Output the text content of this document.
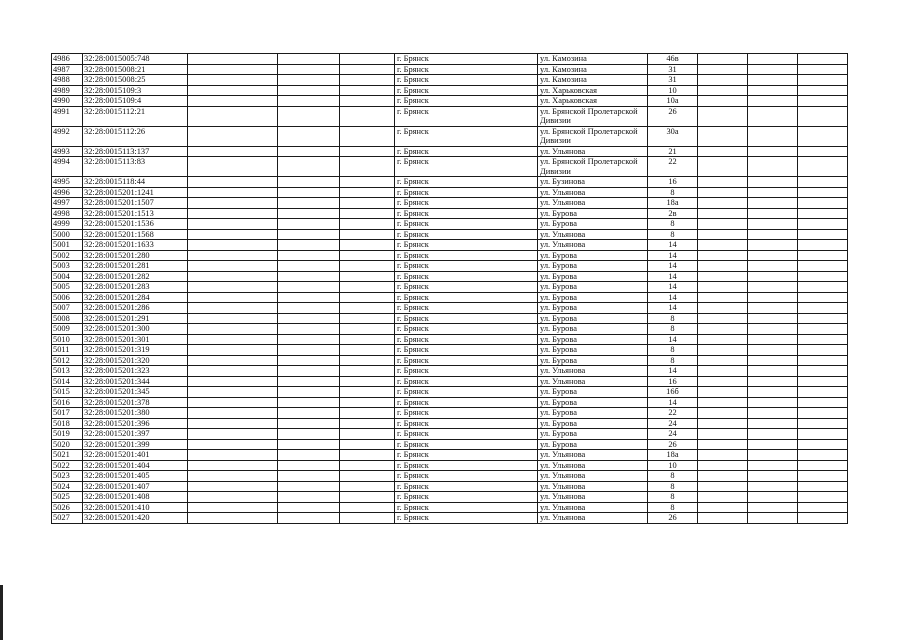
4986	32:28:0015005:748				г. Брянск	ул. Камозина	46в			
4987	32:28:0015008:21				г. Брянск	ул. Камозина	31			
4988	32:28:0015008:25				г. Брянск	ул. Камозина	31			
4989	32:28:0015109:3				г. Брянск	ул. Харьковская	10			
4990	32:28:0015109:4				г. Брянск	ул. Харьковская	10а			
4991	32:28:0015112:21				г. Брянск	ул. Брянской Пролетарской Дивизии	26			
4992	32:28:0015112:26				г. Брянск	ул. Брянской Пролетарской Дивизии	30а			
4993	32:28:0015113:137				г. Брянск	ул. Ульянова	21			
4994	32:28:0015113:83				г. Брянск	ул. Брянской Пролетарской Дивизии	22			
4995	32:28:0015118:44				г. Брянск	ул. Бузинова	16			
4996	32:28:0015201:1241				г. Брянск	ул. Ульянова	8			
4997	32:28:0015201:1507				г. Брянск	ул. Ульянова	18а			
4998	32:28:0015201:1513				г. Брянск	ул. Бурова	2в			
4999	32:28:0015201:1536				г. Брянск	ул. Бурова	8			
5000	32:28:0015201:1568				г. Брянск	ул. Ульянова	8			
5001	32:28:0015201:1633				г. Брянск	ул. Ульянова	14			
5002	32:28:0015201:280				г. Брянск	ул. Бурова	14			
5003	32:28:0015201:281				г. Брянск	ул. Бурова	14			
5004	32:28:0015201:282				г. Брянск	ул. Бурова	14			
5005	32:28:0015201:283				г. Брянск	ул. Бурова	14			
5006	32:28:0015201:284				г. Брянск	ул. Бурова	14			
5007	32:28:0015201:286				г. Брянск	ул. Бурова	14			
5008	32:28:0015201:291				г. Брянск	ул. Бурова	8			
5009	32:28:0015201:300				г. Брянск	ул. Бурова	8			
5010	32:28:0015201:301				г. Брянск	ул. Бурова	14			
5011	32:28:0015201:319				г. Брянск	ул. Бурова	8			
5012	32:28:0015201:320				г. Брянск	ул. Бурова	8			
5013	32:28:0015201:323				г. Брянск	ул. Ульянова	14			
5014	32:28:0015201:344				г. Брянск	ул. Ульянова	16			
5015	32:28:0015201:345				г. Брянск	ул. Бурова	16б			
5016	32:28:0015201:378				г. Брянск	ул. Бурова	14			
5017	32:28:0015201:380				г. Брянск	ул. Бурова	22			
5018	32:28:0015201:396				г. Брянск	ул. Бурова	24			
5019	32:28:0015201:397				г. Брянск	ул. Бурова	24			
5020	32:28:0015201:399				г. Брянск	ул. Бурова	26			
5021	32:28:0015201:401				г. Брянск	ул. Ульянова	18а			
5022	32:28:0015201:404				г. Брянск	ул. Ульянова	10			
5023	32:28:0015201:405				г. Брянск	ул. Ульянова	8			
5024	32:28:0015201:407				г. Брянск	ул. Ульянова	8			
5025	32:28:0015201:408				г. Брянск	ул. Ульянова	8			
5026	32:28:0015201:410				г. Брянск	ул. Ульянова	8			
5027	32:28:0015201:420				г. Брянск	ул. Ульянова	26			
